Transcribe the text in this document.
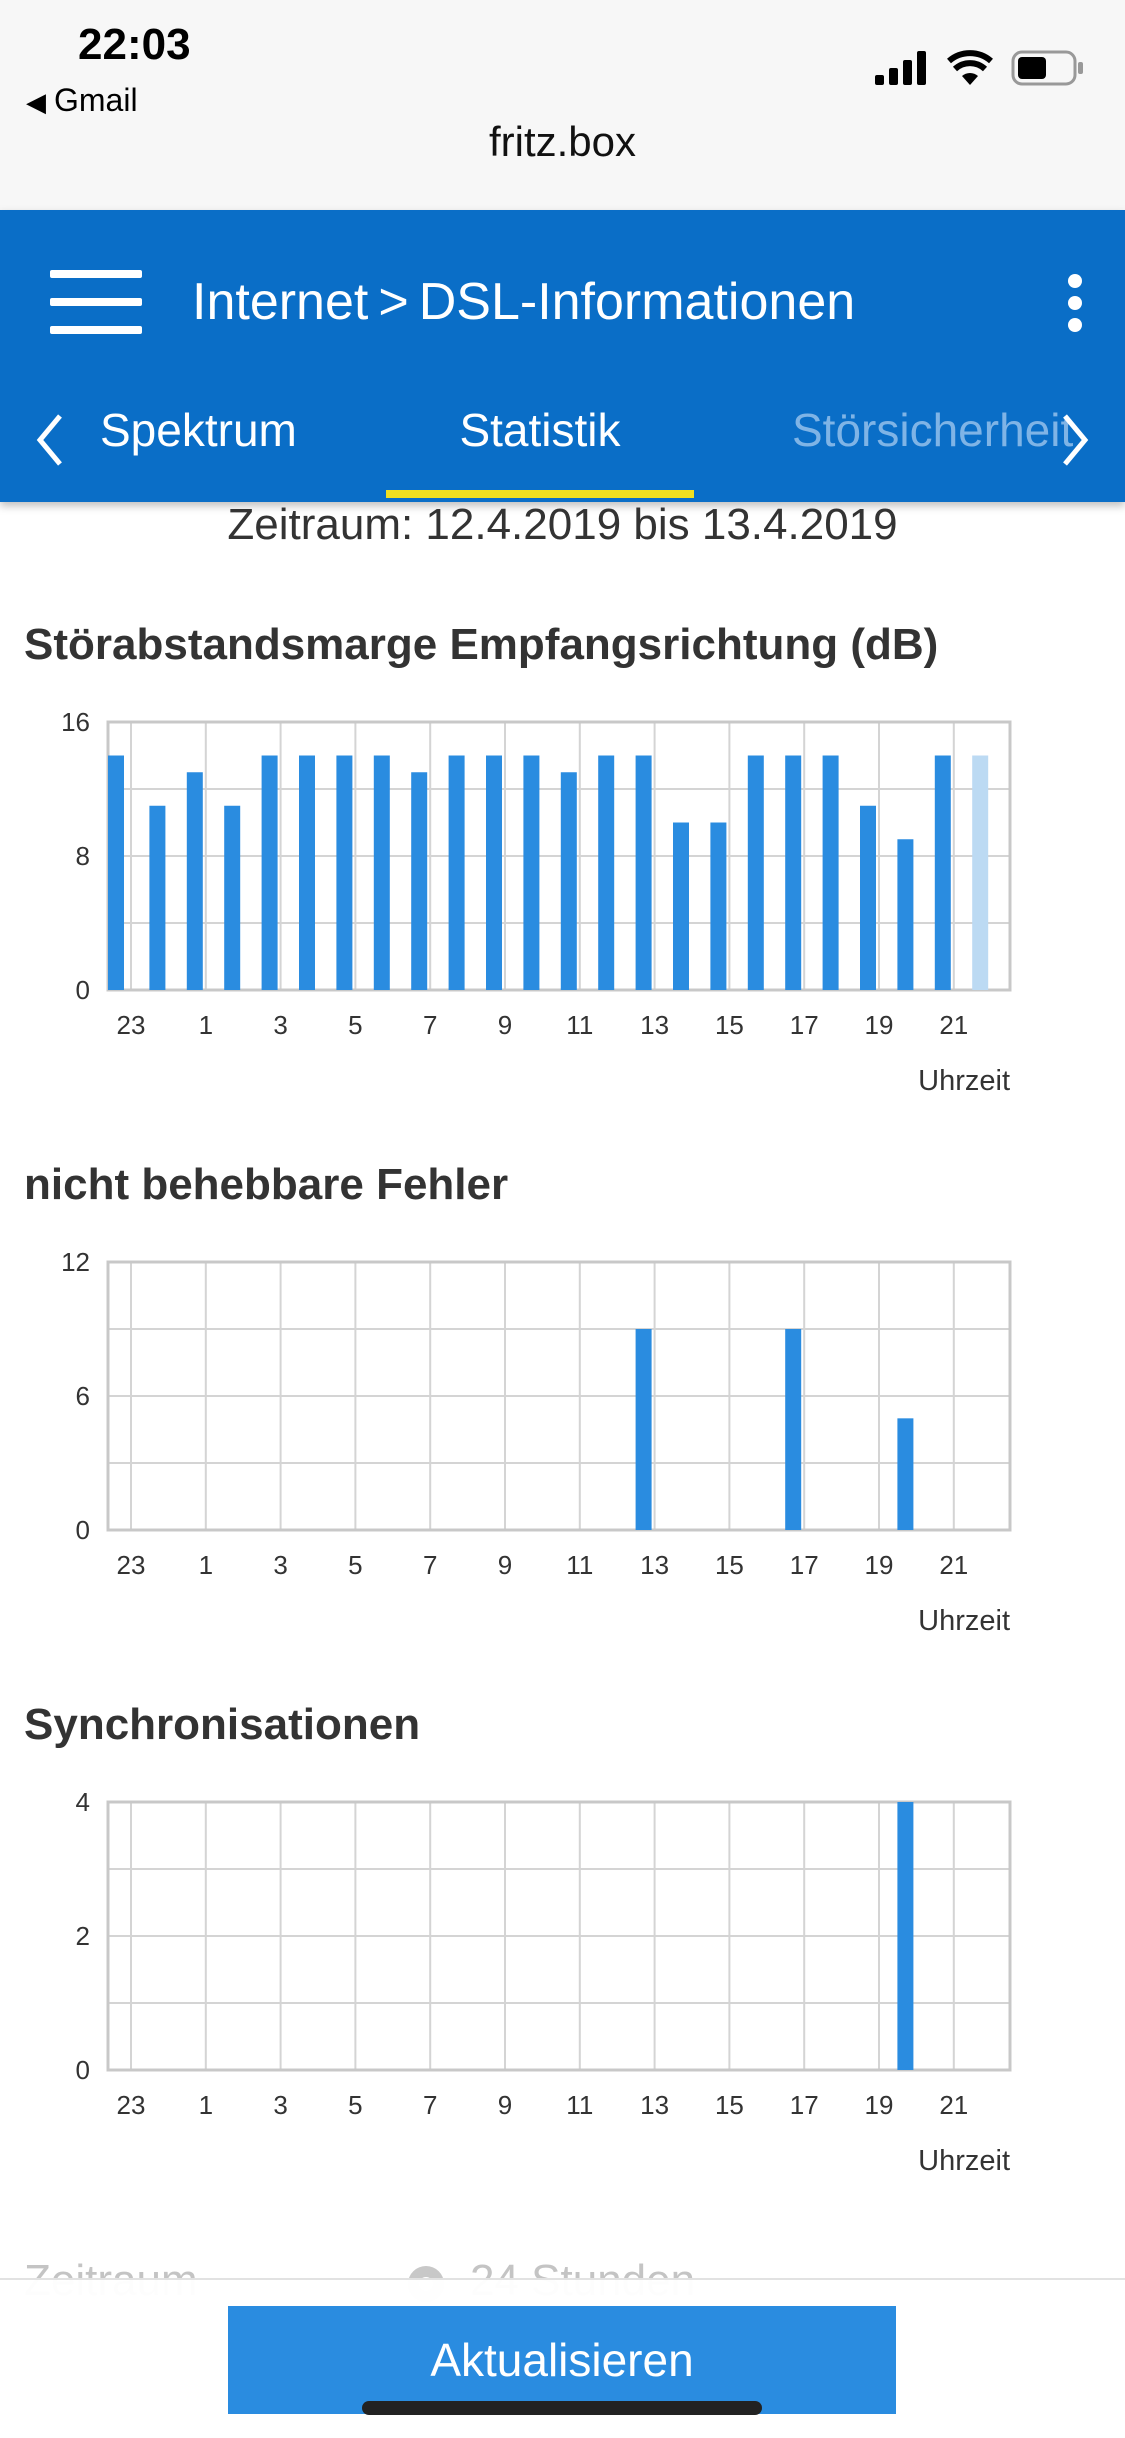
22:03
◀ Gmail
fritz.box
Internet > DSL-Informationen
Spektrum	Statistik	Störsicherheit
Zeitraum: 12.4.2019 bis 13.4.2019
Störabstandsmarge Empfangsrichtung (dB)
0
8
16
23 1 3 5 7 9 11 13 15 17 19 21
Uhrzeit
nicht behebbare Fehler
0
6
12
23 1 3 5 7 9 11 13 15 17 19 21
Uhrzeit
Synchronisationen
0
2
4
23 1 3 5 7 9 11 13 15 17 19 21
Uhrzeit
Aktualisieren
